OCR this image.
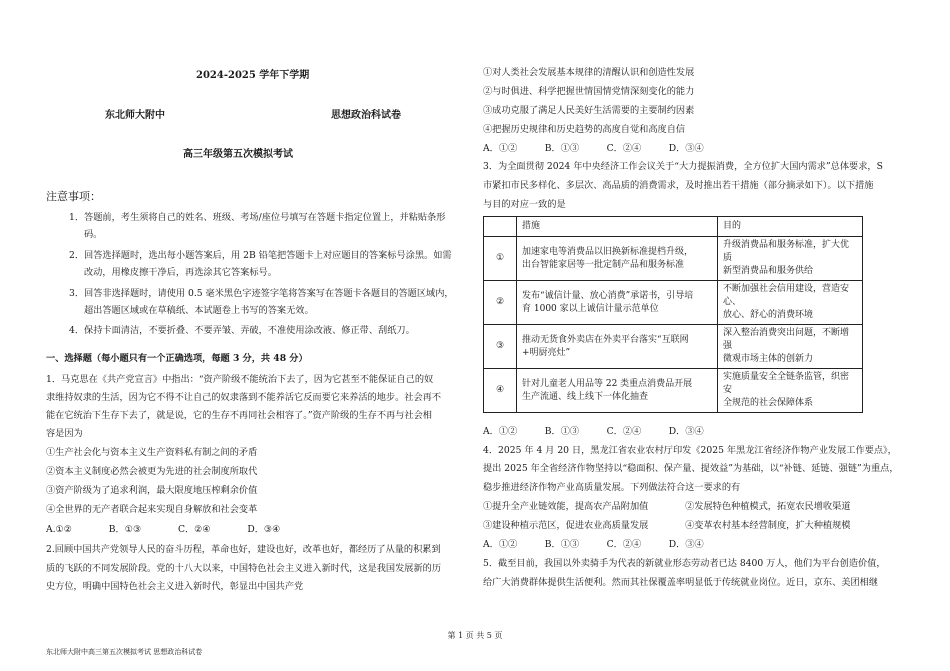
2024-2025 学年下学期
东北师大附中	思想政治科试卷
高三年级第五次模拟考试
注意事项：
1．答题前，考生须将自己的姓名、班级、考场/座位号填写在答题卡指定位置上，并粘贴条形
码。
2．回答选择题时，选出每小题答案后，用 2B 铅笔把答题卡上对应题目的答案标号涂黑。如需
改动，用橡皮擦干净后，再选涂其它答案标号。
3．回答非选择题时，请使用 0.5 毫米黑色字迹签字笔将答案写在答题卡各题目的答题区域内，
超出答题区域或在草稿纸、本试题卷上书写的答案无效。
4．保持卡面清洁，不要折叠、不要弄皱、弄破，不准使用涂改液、修正带、刮纸刀。
一、选择题（每小题只有一个正确选项，每题 3 分，共 48 分）
1．马克思在《共产党宣言》中指出：“资产阶级不能统治下去了，因为它甚至不能保证自己的奴
隶维持奴隶的生活，因为它不得不让自己的奴隶落到不能养活它反而要它来养活的地步。社会再不
能在它统治下生存下去了，就是说，它的生存不再同社会相容了。”资产阶级的生存不再与社会相
容是因为
①生产社会化与资本主义生产资料私有制之间的矛盾
②资本主义制度必然会被更为先进的社会制度所取代
③资产阶级为了追求利润，最大限度地压榨剩余价值
④全世界的无产者联合起来实现自身解放和社会变革
A.①②　　　　B．①③　　　　C．②④　　　　D．③④
2.回顾中国共产党领导人民的奋斗历程，革命也好，建设也好，改革也好，都经历了从量的积累到
质的飞跃的不同发展阶段。党的十八大以来，中国特色社会主义进入新时代，这是我国发展新的历
史方位，明确中国特色社会主义进入新时代，彰显出中国共产党
①对人类社会发展基本规律的清醒认识和创造性发展
②与时俱进、科学把握世情国情党情深刻变化的能力
③成功克服了满足人民美好生活需要的主要制约因素
④把握历史规律和历史趋势的高度自觉和高度自信
A．①②　　　B．①③　　　C．②④　　　D．③④
3．为全面贯彻 2024 年中央经济工作会议关于“大力提振消费，全方位扩大国内需求”总体要求，S
市紧扣市民多样化、多层次、高品质的消费需求，及时推出若干措施（部分摘录如下）。以下措施
与目的对应一致的是
	措施	目的
①	加速家电等消费品以旧换新标准提档升级，
出台智能家居等一批定制产品和服务标准	升级消费品和服务标准，扩大优质
新型消费品和服务供给
②	发布“诚信计量、放心消费”承诺书，引导培
育 1000 家以上诚信计量示范单位	不断加强社会信用建设，营造安心、
放心、舒心的消费环境
③	推动无货食外卖店在外卖平台落实“互联网
+明厨亮灶”	深入整治消费突出问题，不断增强
微观市场主体的创新力
④	针对儿童老人用品等 22 类重点消费品开展
生产流通、线上线下一体化抽查	实施质量安全全链条监管，织密安
全规范的社会保障体系
A．①②　　　B．①③　　　C．②④　　　D．③④
4．2025 年 4 月 20 日，黑龙江省农业农村厅印发《2025 年黑龙江省经济作物产业发展工作要点》，
提出 2025 年全省经济作物坚持以“稳面积、保产量、提效益”为基础，以“补链、延链、强链”为重点，
稳步推进经济作物产业高质量发展。下列做法符合这一要求的有
①提升全产业链效能，提高农产品附加值　　　　②发展特色种植模式，拓宽农民增收渠道
③建设种植示范区，促进农业高质量发展　　　　④变革农村基本经营制度，扩大种植规模
A．①②　　　B．①③　　　C．②④　　　D．③④
5．截至目前，我国以外卖骑手为代表的新就业形态劳动者已达 8400 万人，他们为平台创造价值，
给广大消费群体提供生活便利。然而其社保覆盖率明显低于传统就业岗位。近日，京东、美团相继
第 1 页 共 5 页
东北师大附中高三第五次模拟考试 思想政治科试卷
